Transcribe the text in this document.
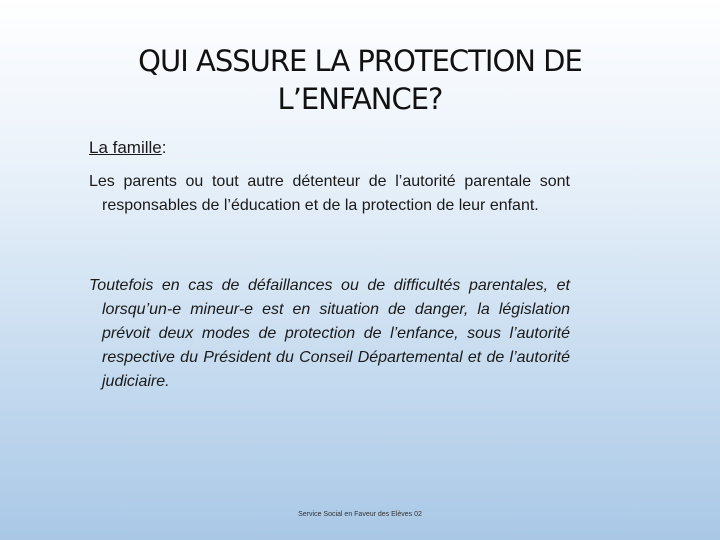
QUI ASSURE LA PROTECTION DE
L’ENFANCE?

La famille:

Les parents ou tout autre détenteur de l’autorité parentale sont responsables de l’éducation et de la protection de leur enfant.

Toutefois en cas de défaillances ou de difficultés parentales, et lorsqu’un-e mineur-e est en situation de danger, la législation prévoit deux modes de protection de l’enfance, sous l’autorité respective du Président du Conseil Départemental et de l’autorité judiciaire.

Service Social en Faveur des Elèves 02
